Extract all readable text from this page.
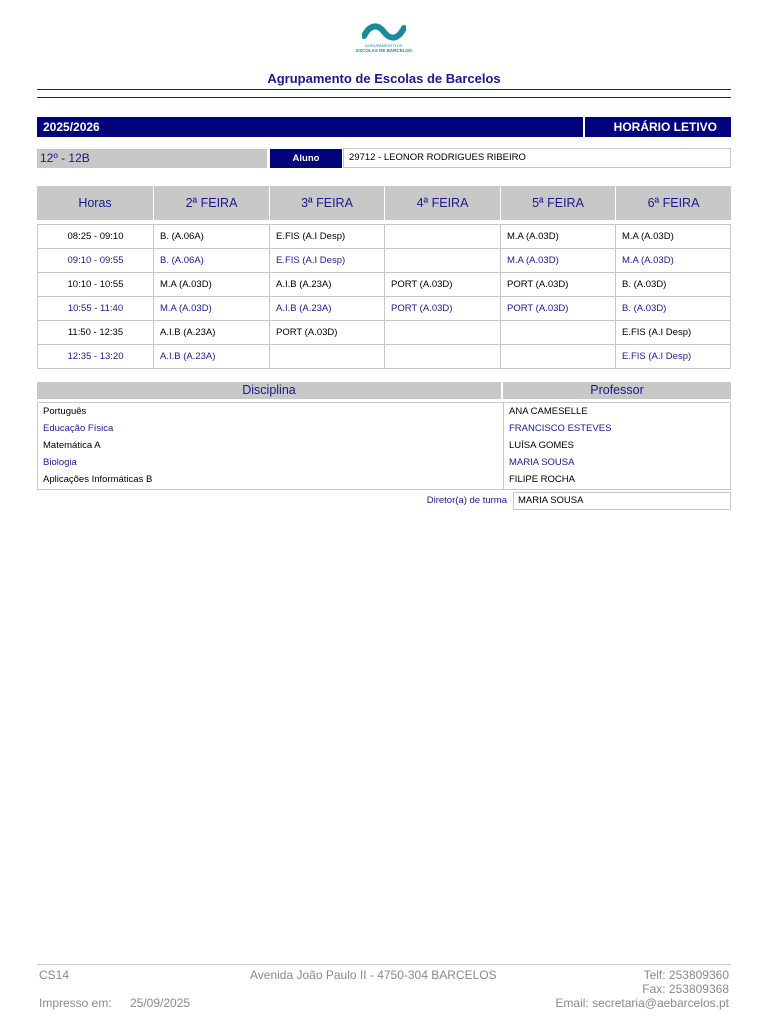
AGRUPAMENTO DE
ESCOLAS DE BARCELOS
Agrupamento de Escolas de Barcelos
2025/2026	HORÁRIO LETIVO
12º - 12B	Aluno	29712 - LEONOR RODRIGUES RIBEIRO
Horas	2ª FEIRA	3ª FEIRA	4ª FEIRA	5ª FEIRA	6ª FEIRA

08:25 - 09:10	B. (A.06A)	E.FIS (A.I Desp)		M.A (A.03D)	M.A (A.03D)
09:10 - 09:55	B. (A.06A)	E.FIS (A.I Desp)		M.A (A.03D)	M.A (A.03D)
10:10 - 10:55	M.A (A.03D)	A.I.B (A.23A)	PORT (A.03D)	PORT (A.03D)	B. (A.03D)
10:55 - 11:40	M.A (A.03D)	A.I.B (A.23A)	PORT (A.03D)	PORT (A.03D)	B. (A.03D)
11:50 - 12:35	A.I.B (A.23A)	PORT (A.03D)			E.FIS (A.I Desp)
12:35 - 13:20	A.I.B (A.23A)				E.FIS (A.I Desp)
Disciplina	Professor
Português	ANA CAMESELLE
Educação Física	FRANCISCO ESTEVES
Matemática A	LUÍSA GOMES
Biologia	MARIA SOUSA
Aplicações Informáticas B	FILIPE ROCHA
Diretor(a) de turma	MARIA SOUSA
CS14	Avenida João Paulo II - 4750-304 BARCELOS	Telf: 253809360
Fax: 253809368
Impresso em: 25/09/2025	Email: secretaria@aebarcelos.pt
